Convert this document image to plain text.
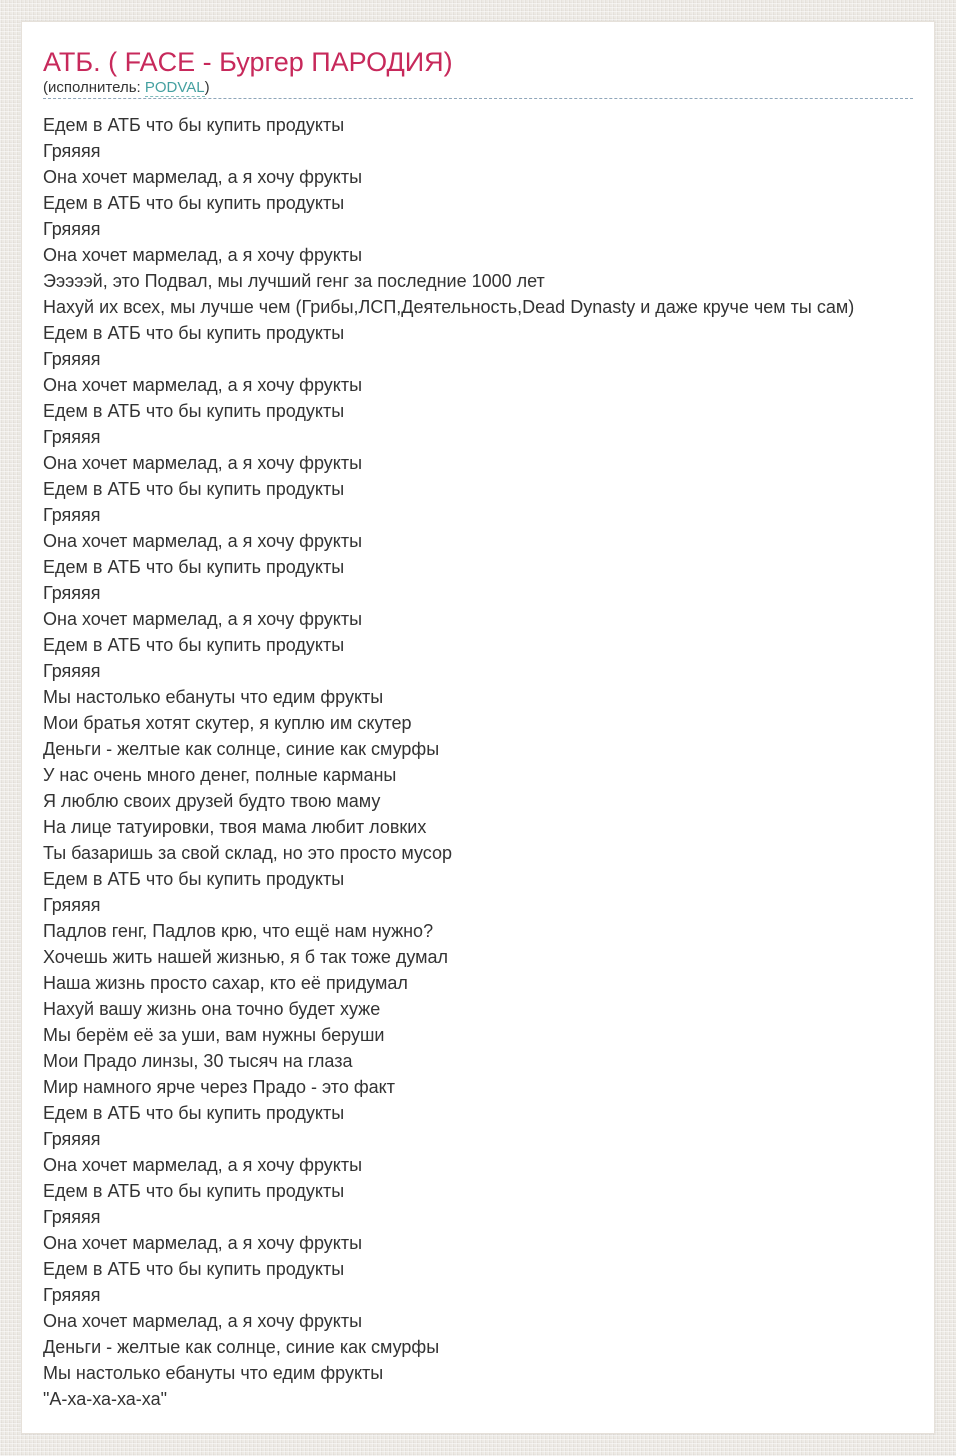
АТБ. ( FACE - Бургер ПАРОДИЯ)
(исполнитель: PODVAL)
Едем в АТБ что бы купить продукты
Гряяяя
Она хочет мармелад, а я хочу фрукты
Едем в АТБ что бы купить продукты
Гряяяя
Она хочет мармелад, а я хочу фрукты
Эээээй, это Подвал, мы лучший генг за последние 1000 лет
Нахуй их всех, мы лучше чем (Грибы,ЛСП,Деятельность,Dead Dynasty и даже круче чем ты сам)
Едем в АТБ что бы купить продукты
Гряяяя
Она хочет мармелад, а я хочу фрукты
Едем в АТБ что бы купить продукты
Гряяяя
Она хочет мармелад, а я хочу фрукты
Едем в АТБ что бы купить продукты
Гряяяя
Она хочет мармелад, а я хочу фрукты
Едем в АТБ что бы купить продукты
Гряяяя
Она хочет мармелад, а я хочу фрукты
Едем в АТБ что бы купить продукты
Гряяяя
Мы настолько ебануты что едим фрукты
Мои братья хотят скутер, я куплю им скутер
Деньги - желтые как солнце, синие как смурфы
У нас очень много денег, полные карманы
Я люблю своих друзей будто твою маму
На лице татуировки, твоя мама любит ловких
Ты базаришь за свой склад, но это просто мусор
Едем в АТБ что бы купить продукты
Гряяяя
Падлов генг, Падлов крю, что ещё нам нужно?
Хочешь жить нашей жизнью, я б так тоже думал
Наша жизнь просто сахар, кто её придумал
Нахуй вашу жизнь она точно будет хуже
Мы берём её за уши, вам нужны беруши
Мои Прадо линзы, 30 тысяч на глаза
Мир намного ярче через Прадо - это факт
Едем в АТБ что бы купить продукты
Гряяяя
Она хочет мармелад, а я хочу фрукты
Едем в АТБ что бы купить продукты
Гряяяя
Она хочет мармелад, а я хочу фрукты
Едем в АТБ что бы купить продукты
Гряяяя
Она хочет мармелад, а я хочу фрукты
Деньги - желтые как солнце, синие как смурфы
Мы настолько ебануты что едим фрукты
"А-ха-ха-ха-ха"
